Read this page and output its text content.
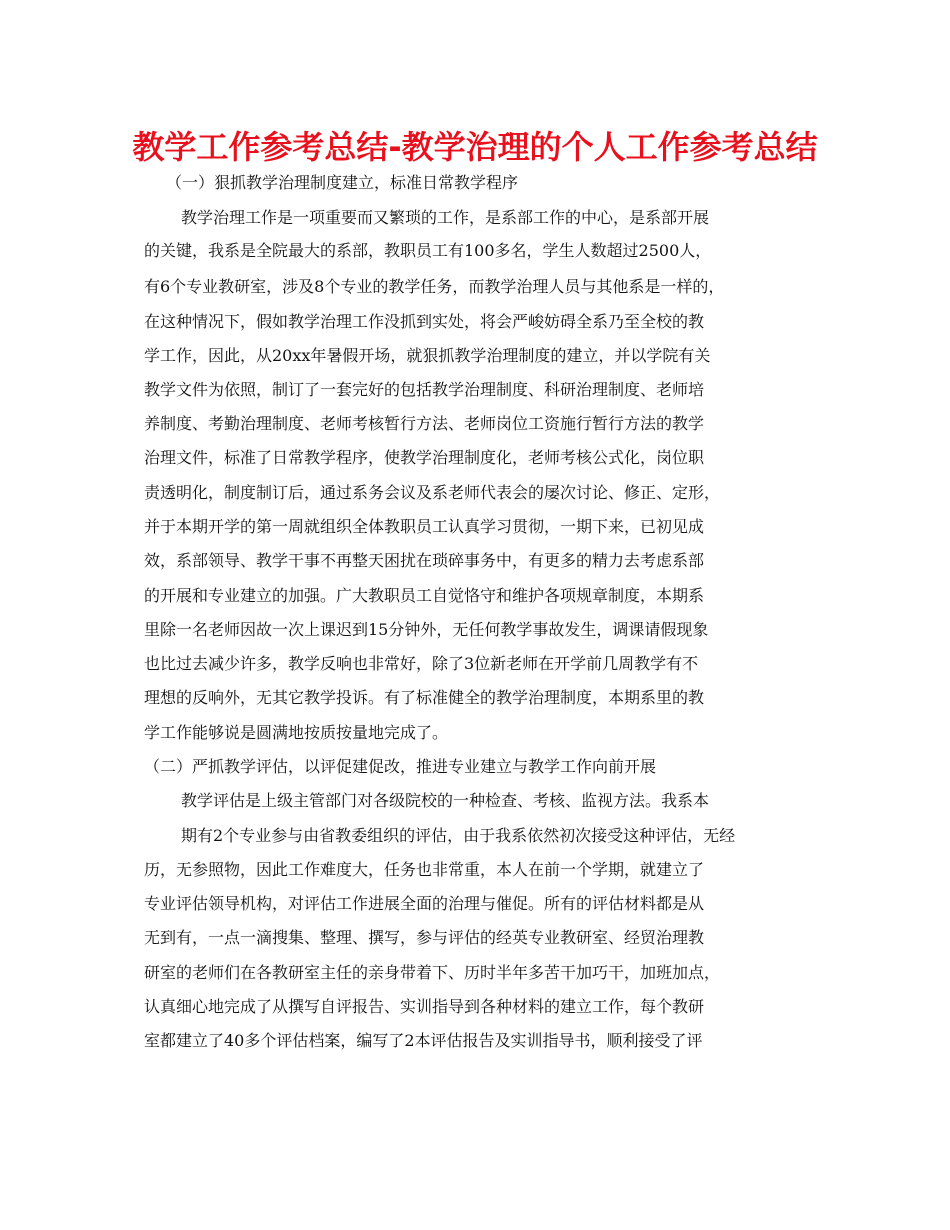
教学工作参考总结-教学治理的个人工作参考总结
（一）狠抓教学治理制度建立，标准日常教学程序
教学治理工作是一项重要而又繁琐的工作，是系部工作的中心，是系部开展
的关键，我系是全院最大的系部，教职员工有100多名，学生人数超过2500人，
有6个专业教研室，涉及8个专业的教学任务，而教学治理人员与其他系是一样的，
在这种情况下，假如教学治理工作没抓到实处，将会严峻妨碍全系乃至全校的教
学工作，因此，从20xx年暑假开场，就狠抓教学治理制度的建立，并以学院有关
教学文件为依照，制订了一套完好的包括教学治理制度、科研治理制度、老师培
养制度、考勤治理制度、老师考核暂行方法、老师岗位工资施行暂行方法的教学
治理文件，标准了日常教学程序，使教学治理制度化，老师考核公式化，岗位职
责透明化，制度制订后，通过系务会议及系老师代表会的屡次讨论、修正、定形，
并于本期开学的第一周就组织全体教职员工认真学习贯彻，一期下来，已初见成
效，系部领导、教学干事不再整天困扰在琐碎事务中，有更多的精力去考虑系部
的开展和专业建立的加强。广大教职员工自觉恪守和维护各项规章制度，本期系
里除一名老师因故一次上课迟到15分钟外，无任何教学事故发生，调课请假现象
也比过去减少许多，教学反响也非常好，除了3位新老师在开学前几周教学有不
理想的反响外，无其它教学投诉。有了标准健全的教学治理制度，本期系里的教
学工作能够说是圆满地按质按量地完成了。
（二）严抓教学评估，以评促建促改，推进专业建立与教学工作向前开展
教学评估是上级主管部门对各级院校的一种检查、考核、监视方法。我系本
期有2个专业参与由省教委组织的评估，由于我系依然初次接受这种评估，无经
历，无参照物，因此工作难度大，任务也非常重，本人在前一个学期，就建立了
专业评估领导机构，对评估工作进展全面的治理与催促。所有的评估材料都是从
无到有，一点一滴搜集、整理、撰写，参与评估的经英专业教研室、经贸治理教
研室的老师们在各教研室主任的亲身带着下、历时半年多苦干加巧干，加班加点，
认真细心地完成了从撰写自评报告、实训指导到各种材料的建立工作，每个教研
室都建立了40多个评估档案，编写了2本评估报告及实训指导书，顺利接受了评
